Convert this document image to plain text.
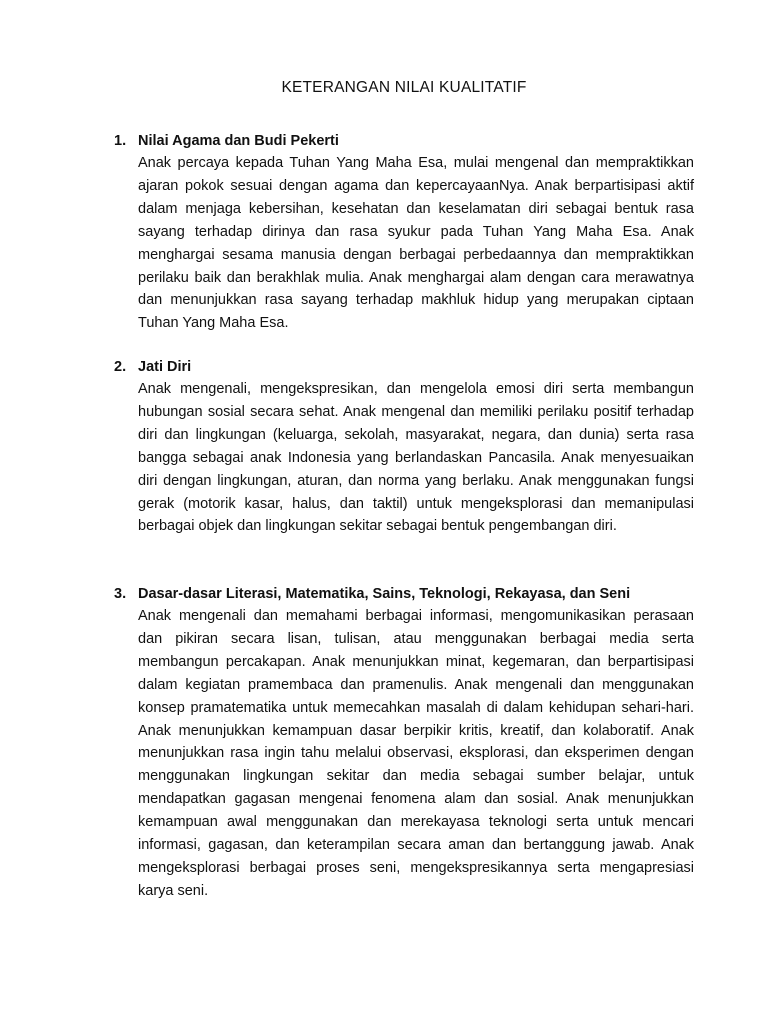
KETERANGAN NILAI KUALITATIF
1. Nilai Agama dan Budi Pekerti

Anak percaya kepada Tuhan Yang Maha Esa, mulai mengenal dan mempraktikkan ajaran pokok sesuai dengan agama dan kepercayaanNya. Anak berpartisipasi aktif dalam menjaga kebersihan, kesehatan dan keselamatan diri sebagai bentuk rasa sayang terhadap dirinya dan rasa syukur pada Tuhan Yang Maha Esa. Anak menghargai sesama manusia dengan berbagai perbedaannya dan mempraktikkan perilaku baik dan berakhlak mulia. Anak menghargai alam dengan cara merawatnya dan menunjukkan rasa sayang terhadap makhluk hidup yang merupakan ciptaan Tuhan Yang Maha Esa.

2. Jati Diri

Anak mengenali, mengekspresikan, dan mengelola emosi diri serta membangun hubungan sosial secara sehat. Anak mengenal dan memiliki perilaku positif terhadap diri dan lingkungan (keluarga, sekolah, masyarakat, negara, dan dunia) serta rasa bangga sebagai anak Indonesia yang berlandaskan Pancasila. Anak menyesuaikan diri dengan lingkungan, aturan, dan norma yang berlaku. Anak menggunakan fungsi gerak (motorik kasar, halus, dan taktil) untuk mengeksplorasi dan memanipulasi berbagai objek dan lingkungan sekitar sebagai bentuk pengembangan diri.

3. Dasar-dasar Literasi, Matematika, Sains, Teknologi, Rekayasa, dan Seni

Anak mengenali dan memahami berbagai informasi, mengomunikasikan perasaan dan pikiran secara lisan, tulisan, atau menggunakan berbagai media serta membangun percakapan. Anak menunjukkan minat, kegemaran, dan berpartisipasi dalam kegiatan pramembaca dan pramenulis. Anak mengenali dan menggunakan konsep pramatematika untuk memecahkan masalah di dalam kehidupan sehari-hari. Anak menunjukkan kemampuan dasar berpikir kritis, kreatif, dan kolaboratif. Anak menunjukkan rasa ingin tahu melalui observasi, eksplorasi, dan eksperimen dengan menggunakan lingkungan sekitar dan media sebagai sumber belajar, untuk mendapatkan gagasan mengenai fenomena alam dan sosial. Anak menunjukkan kemampuan awal menggunakan dan merekayasa teknologi serta untuk mencari informasi, gagasan, dan keterampilan secara aman dan bertanggung jawab. Anak mengeksplorasi berbagai proses seni, mengekspresikannya serta mengapresiasi karya seni.
